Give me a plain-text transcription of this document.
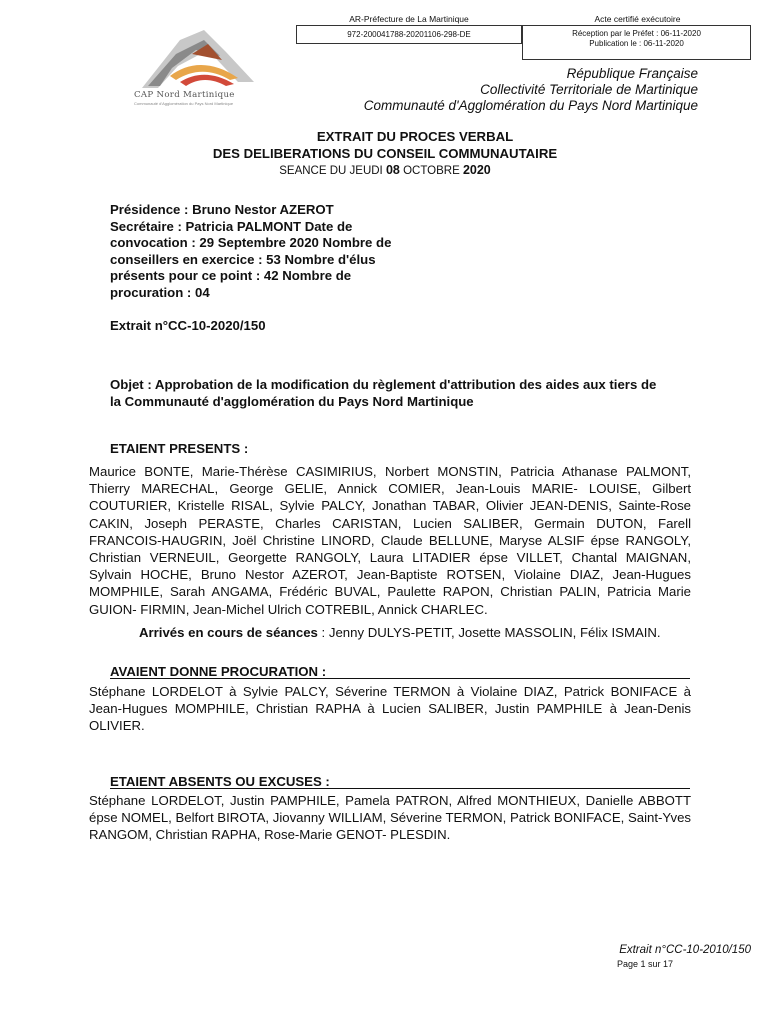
AR-Préfecture de La Martinique	Acte certifié exécutoire
972-200041788-20201106-298-DE	Réception par le Préfet : 06-11-2020
Publication le : 06-11-2020
CAP Nord Martinique
Communauté d'Agglomération du Pays Nord Martinique
République Française
Collectivité Territoriale de Martinique
Communauté d'Agglomération du Pays Nord Martinique
EXTRAIT DU PROCES VERBAL
DES DELIBERATIONS DU CONSEIL COMMUNAUTAIRE
SEANCE DU JEUDI 08 OCTOBRE 2020
Présidence : Bruno Nestor AZEROT Secrétaire : Patricia PALMONT Date de convocation : 29 Septembre 2020 Nombre de conseillers en exercice : 53 Nombre d'élus présents pour ce point : 42 Nombre de procuration : 04
Extrait n°CC-10-2020/150
Objet : Approbation de la modification du règlement d'attribution des aides aux tiers de la Communauté d'agglomération du Pays Nord Martinique
ETAIENT PRESENTS :
Maurice BONTE, Marie-Thérèse CASIMIRIUS, Norbert MONSTIN, Patricia Athanase PALMONT, Thierry MARECHAL, George GELIE, Annick COMIER, Jean-Louis MARIE- LOUISE, Gilbert COUTURIER, Kristelle RISAL, Sylvie PALCY, Jonathan TABAR, Olivier JEAN-DENIS, Sainte-Rose CAKIN, Joseph PERASTE, Charles CARISTAN, Lucien SALIBER, Germain DUTON, Farell FRANCOIS-HAUGRIN, Joël Christine LINORD, Claude BELLUNE, Maryse ALSIF épse RANGOLY, Christian VERNEUIL, Georgette RANGOLY, Laura LITADIER épse VILLET, Chantal MAIGNAN, Sylvain HOCHE, Bruno Nestor AZEROT, Jean-Baptiste ROTSEN, Violaine DIAZ, Jean-Hugues MOMPHILE, Sarah ANGAMA, Frédéric BUVAL, Paulette RAPON, Christian PALIN, Patricia Marie GUION- FIRMIN, Jean-Michel Ulrich COTREBIL, Annick CHARLEC.
Arrivés en cours de séances : Jenny DULYS-PETIT, Josette MASSOLIN, Félix ISMAIN.
AVAIENT DONNE PROCURATION :
Stéphane LORDELOT à Sylvie PALCY, Séverine TERMON à Violaine DIAZ, Patrick BONIFACE à Jean-Hugues MOMPHILE, Christian RAPHA à Lucien SALIBER, Justin PAMPHILE à Jean-Denis OLIVIER.
ETAIENT ABSENTS OU EXCUSES :
Stéphane LORDELOT, Justin PAMPHILE, Pamela PATRON, Alfred MONTHIEUX, Danielle ABBOTT épse NOMEL, Belfort BIROTA, Jiovanny WILLIAM, Séverine TERMON, Patrick BONIFACE, Saint-Yves RANGOM, Christian RAPHA, Rose-Marie GENOT- PLESDIN.
Extrait n°CC-10-2010/150
Page 1 sur 17
